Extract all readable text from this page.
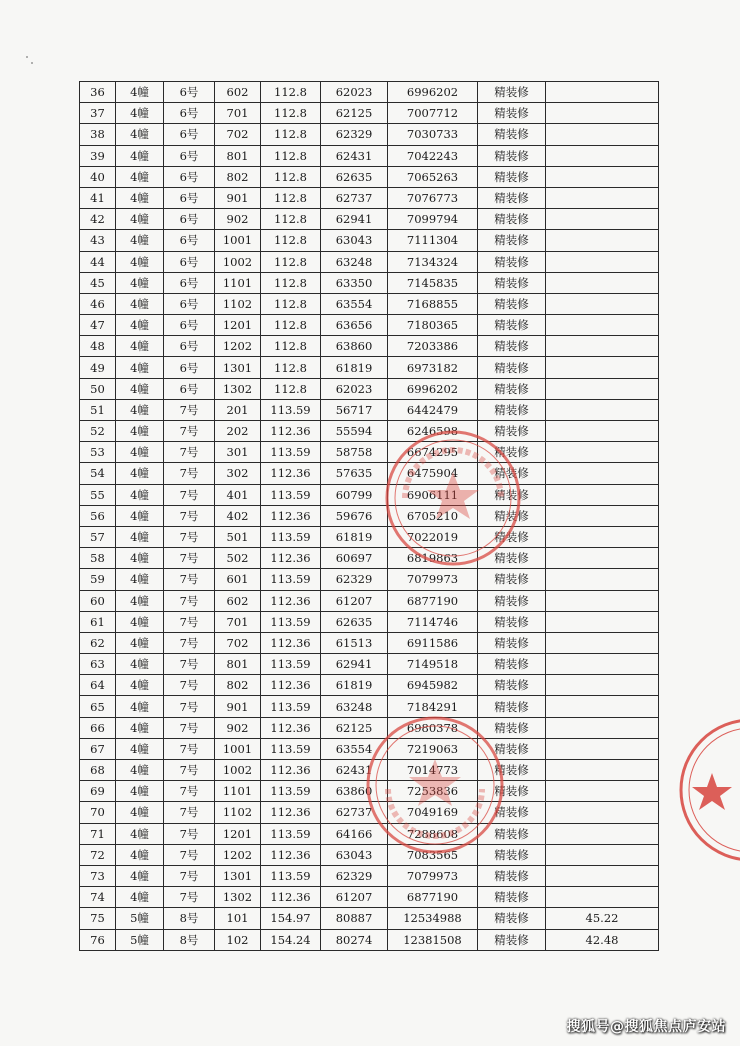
36	4幢	6号	602	112.8	62023	6996202	精装修	
37	4幢	6号	701	112.8	62125	7007712	精装修	
38	4幢	6号	702	112.8	62329	7030733	精装修	
39	4幢	6号	801	112.8	62431	7042243	精装修	
40	4幢	6号	802	112.8	62635	7065263	精装修	
41	4幢	6号	901	112.8	62737	7076773	精装修	
42	4幢	6号	902	112.8	62941	7099794	精装修	
43	4幢	6号	1001	112.8	63043	7111304	精装修	
44	4幢	6号	1002	112.8	63248	7134324	精装修	
45	4幢	6号	1101	112.8	63350	7145835	精装修	
46	4幢	6号	1102	112.8	63554	7168855	精装修	
47	4幢	6号	1201	112.8	63656	7180365	精装修	
48	4幢	6号	1202	112.8	63860	7203386	精装修	
49	4幢	6号	1301	112.8	61819	6973182	精装修	
50	4幢	6号	1302	112.8	62023	6996202	精装修	
51	4幢	7号	201	113.59	56717	6442479	精装修	
52	4幢	7号	202	112.36	55594	6246598	精装修	
53	4幢	7号	301	113.59	58758	6674295	精装修	
54	4幢	7号	302	112.36	57635	6475904	精装修	
55	4幢	7号	401	113.59	60799	6906111	精装修	
56	4幢	7号	402	112.36	59676	6705210	精装修	
57	4幢	7号	501	113.59	61819	7022019	精装修	
58	4幢	7号	502	112.36	60697	6819863	精装修	
59	4幢	7号	601	113.59	62329	7079973	精装修	
60	4幢	7号	602	112.36	61207	6877190	精装修	
61	4幢	7号	701	113.59	62635	7114746	精装修	
62	4幢	7号	702	112.36	61513	6911586	精装修	
63	4幢	7号	801	113.59	62941	7149518	精装修	
64	4幢	7号	802	112.36	61819	6945982	精装修	
65	4幢	7号	901	113.59	63248	7184291	精装修	
66	4幢	7号	902	112.36	62125	6980378	精装修	
67	4幢	7号	1001	113.59	63554	7219063	精装修	
68	4幢	7号	1002	112.36	62431	7014773	精装修	
69	4幢	7号	1101	113.59	63860	7253836	精装修	
70	4幢	7号	1102	112.36	62737	7049169	精装修	
71	4幢	7号	1201	113.59	64166	7288608	精装修	
72	4幢	7号	1202	112.36	63043	7083565	精装修	
73	4幢	7号	1301	113.59	62329	7079973	精装修	
74	4幢	7号	1302	112.36	61207	6877190	精装修	
75	5幢	8号	101	154.97	80887	12534988	精装修	45.22
76	5幢	8号	102	154.24	80274	12381508	精装修	42.48
搜狐号@搜狐焦点庐安站
